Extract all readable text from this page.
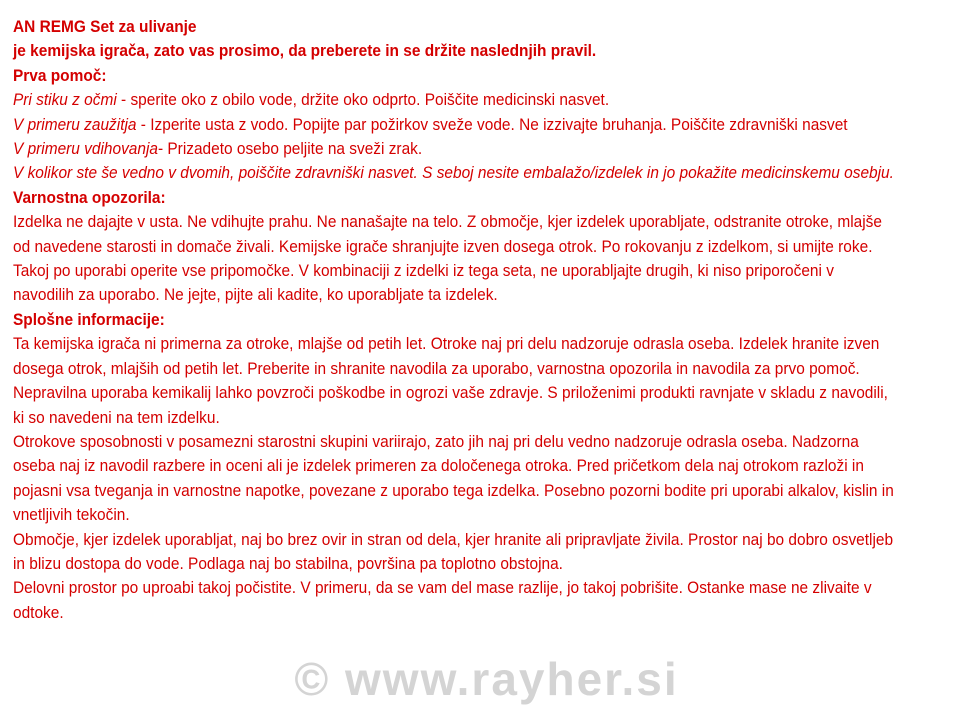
AN REMG Set za ulivanje

je kemijska igrača, zato vas prosimo, da preberete in se držite naslednjih pravil.

Prva pomoč:

Pri stiku z očmi - sperite oko z obilo vode, držite oko odprto. Poiščite medicinski nasvet.

V primeru zaužitja - Izperite usta z vodo. Popijte par požirkov sveže vode. Ne izzivajte bruhanja. Poiščite zdravniški nasvet

V primeru vdihovanja- Prizadeto osebo peljite na sveži zrak.

V kolikor ste še vedno v dvomih, poiščite zdravniški nasvet. S seboj nesite embalažo/izdelek in jo pokažite medicinskemu osebju.

Varnostna opozorila:

Izdelka ne dajajte v usta. Ne vdihujte prahu. Ne nanašajte na telo. Z območje, kjer izdelek uporabljate, odstranite otroke, mlajše od navedene starosti in domače živali. Kemijske igrače shranjujte izven dosega otrok. Po rokovanju z izdelkom, si umijte roke. Takoj po uporabi operite vse pripomočke. V kombinaciji z izdelki iz tega seta, ne uporabljajte drugih, ki niso priporočeni v navodilih za uporabo. Ne jejte, pijte ali kadite, ko uporabljate ta izdelek.

Splošne informacije:

Ta kemijska igrača ni primerna za otroke, mlajše od petih let. Otroke naj pri delu nadzoruje odrasla oseba. Izdelek hranite izven dosega otrok, mlajših od petih let. Preberite in shranite navodila za uporabo, varnostna opozorila in navodila za prvo pomoč.

Nepravilna uporaba kemikalij lahko povzroči poškodbe in ogrozi vaše zdravje. S priloženimi produkti ravnjate v skladu z navodili, ki so navedeni na tem izdelku.

Otrokove sposobnosti v posamezni starostni skupini variirajo, zato jih naj pri delu vedno nadzoruje odrasla oseba. Nadzorna oseba naj iz navodil razbere in oceni ali je izdelek primeren za določenega otroka. Pred pričetkom dela naj otrokom razloži in pojasni vsa tveganja in varnostne napotke, povezane z uporabo tega izdelka. Posebno pozorni bodite pri uporabi alkalov, kislin in vnetljivih tekočin.

Območje, kjer izdelek uporabljat, naj bo brez ovir in stran od dela, kjer hranite ali pripravljate živila. Prostor naj bo dobro osvetljeb in blizu dostopa do vode. Podlaga naj bo stabilna, površina pa toplotno obstojna.

Delovni prostor po uproabi takoj počistite. V primeru, da se vam del mase razlije, jo takoj pobrišite. Ostanke mase ne zlivaite v odtoke.

© www.rayher.si
